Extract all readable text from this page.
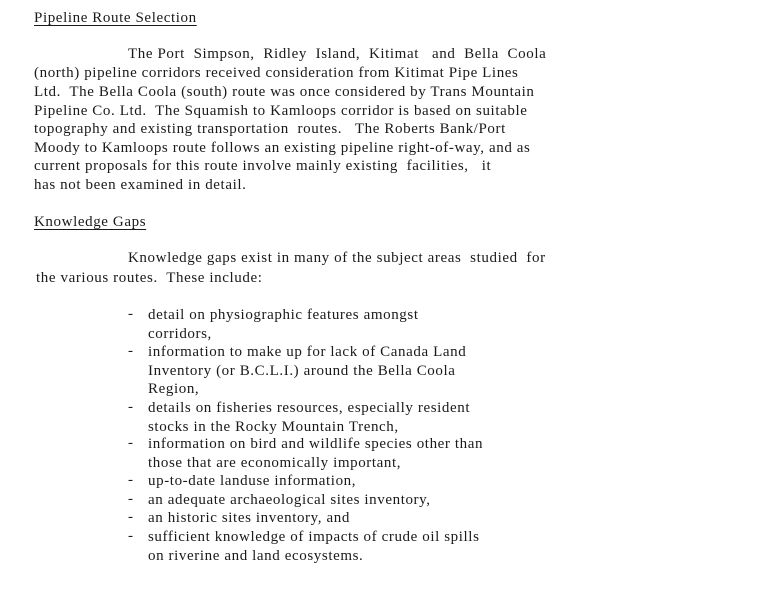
Pipeline Route Selection

The Port  Simpson,  Ridley  Island,  Kitimat   and  Bella  Coola

(north) pipeline corridors received consideration from Kitimat Pipe Lines

Ltd.  The Bella Coola (south) route was once considered by Trans Mountain

Pipeline Co. Ltd.  The Squamish to Kamloops corridor is based on suitable

topography and existing transportation  routes.   The Roberts Bank/Port

Moody to Kamloops route follows an existing pipeline right-of-way, and as

current proposals for this route involve mainly existing  facilities,   it

has not been examined in detail.

Knowledge Gaps

Knowledge gaps exist in many of the subject areas  studied  for

the various routes.  These include:

-

detail on physiographic features amongst
corridors,

-

information to make up for lack of Canada Land
Inventory (or B.C.L.I.) around the Bella Coola
Region,

-

details on fisheries resources, especially resident
stocks in the Rocky Mountain Trench,

-

information on bird and wildlife species other than
those that are economically important,

-

up-to-date landuse information,

-

an adequate archaeological sites inventory,

-

an historic sites inventory, and

-

sufficient knowledge of impacts of crude oil spills
on riverine and land ecosystems.
